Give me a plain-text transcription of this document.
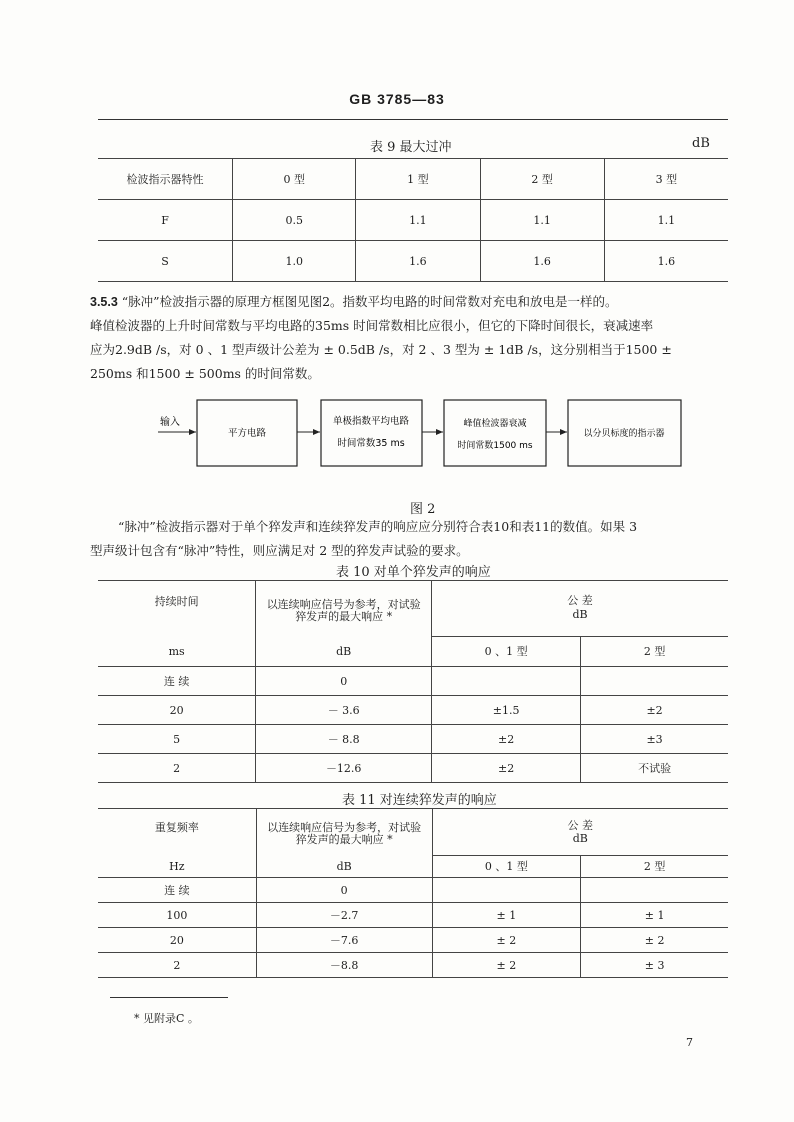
GB 3785—83
表 9 最大过冲	dB
检波指示器特性	0 型	1 型	2 型	3 型
F	0.5	1.1	1.1	1.1
S	1.0	1.6	1.6	1.6
3.5.3 “脉冲”检波指示器的原理方框图见图2。指数平均电路的时间常数对充电和放电是一样的。
峰值检波器的上升时间常数与平均电路的35ms 时间常数相比应很小，但它的下降时间很长，衰减速率
应为2.9dB /s，对 0 、1 型声级计公差为 ± 0.5dB /s，对 2 、3 型为 ± 1dB /s，这分别相当于1500 ±
250ms 和1500 ± 500ms 的时间常数。
输入
平方电路
单极指数平均电路
时间常数35 ms
峰值检波器衰减
时间常数1500 ms
以分贝标度的指示器
图 2
“脉冲”检波指示器对于单个猝发声和连续猝发声的响应应分别符合表10和表11的数值。如果 3
型声级计包含有“脉冲”特性，则应满足对 2 型的猝发声试验的要求。
表 10 对单个猝发声的响应
持续时间	以连续响应信号为参考，对试验猝发声的最大响应 *	公 差
dB	

ms	dB	0 、1 型	2 型
连 续	0		
20	－ 3.6	±1.5	±2
5	－ 8.8	±2	±3
2	－12.6	±2	不试验
表 11 对连续猝发声的响应
重复频率	以连续响应信号为参考，对试验猝发声的最大响应 *	公 差
dB	

Hz	dB	0 、1 型	2 型
连 续	0		
100	－2.7	± 1	± 1
20	－7.6	± 2	± 2
2	－8.8	± 2	± 3
* 见附录C 。
7
